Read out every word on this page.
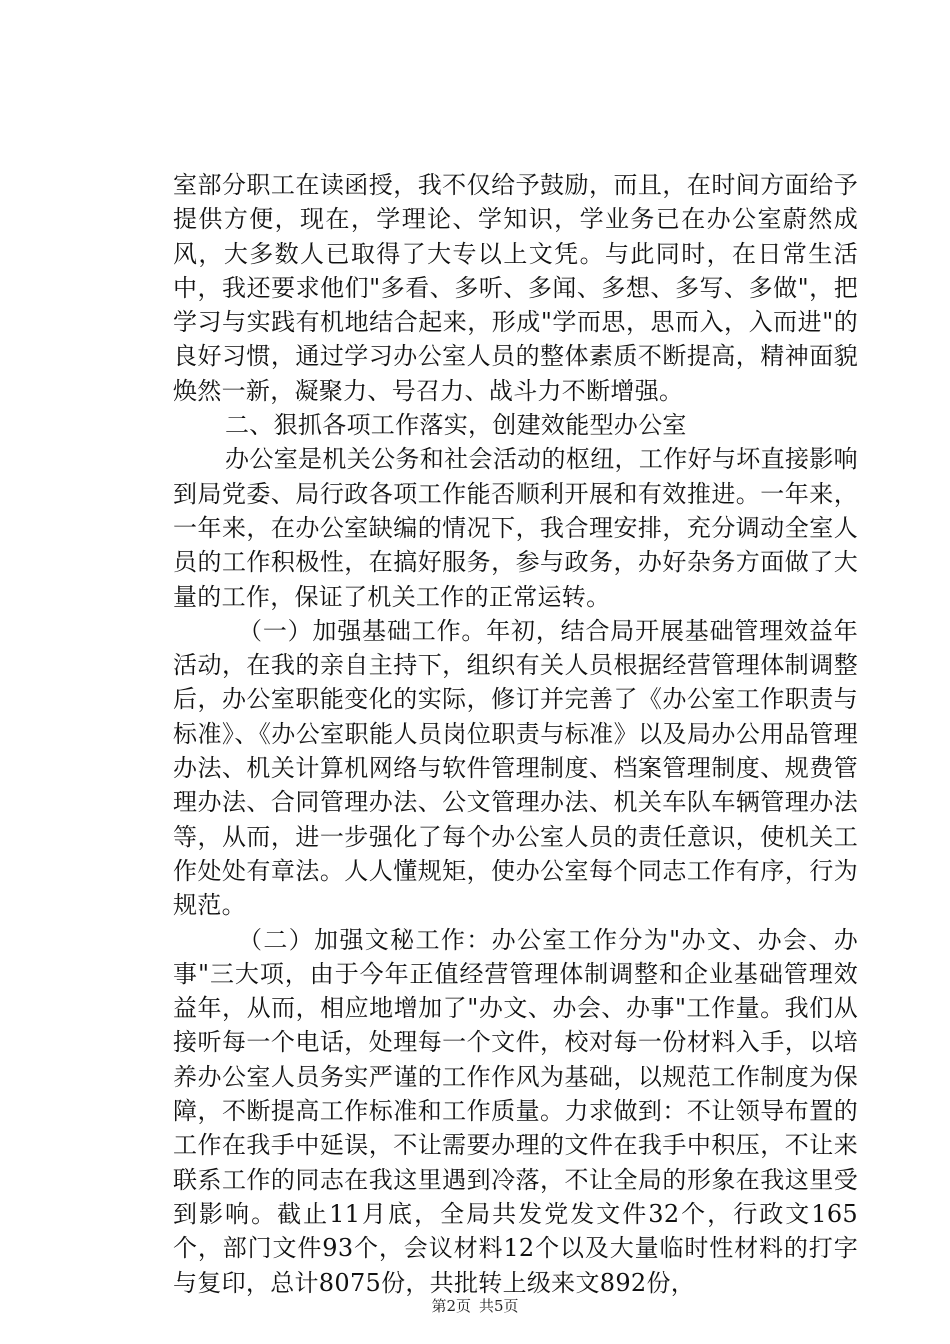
室部分职工在读函授，我不仅给予鼓励，而且，在时间方面给予提供方便，现在，学理论、学知识，学业务已在办公室蔚然成风，大多数人已取得了大专以上文凭。与此同时，在日常生活中，我还要求他们"多看、多听、多闻、多想、多写、多做"，把学习与实践有机地结合起来，形成"学而思，思而入，入而进"的良好习惯，通过学习办公室人员的整体素质不断提高，精神面貌焕然一新，凝聚力、号召力、战斗力不断增强。

二、狠抓各项工作落实，创建效能型办公室

办公室是机关公务和社会活动的枢纽，工作好与坏直接影响到局党委、局行政各项工作能否顺利开展和有效推进。一年来，一年来，在办公室缺编的情况下，我合理安排，充分调动全室人员的工作积极性，在搞好服务，参与政务，办好杂务方面做了大量的工作，保证了机关工作的正常运转。

（一）加强基础工作。年初，结合局开展基础管理效益年活动，在我的亲自主持下，组织有关人员根据经营管理体制调整后，办公室职能变化的实际，修订并完善了《办公室工作职责与标准》、《办公室职能人员岗位职责与标准》以及局办公用品管理办法、机关计算机网络与软件管理制度、档案管理制度、规费管理办法、合同管理办法、公文管理办法、机关车队车辆管理办法等，从而，进一步强化了每个办公室人员的责任意识，使机关工作处处有章法。人人懂规矩，使办公室每个同志工作有序，行为规范。

（二）加强文秘工作：办公室工作分为"办文、办会、办事"三大项，由于今年正值经营管理体制调整和企业基础管理效益年，从而，相应地增加了"办文、办会、办事"工作量。我们从接听每一个电话，处理每一个文件，校对每一份材料入手，以培养办公室人员务实严谨的工作作风为基础，以规范工作制度为保障，不断提高工作标准和工作质量。力求做到：不让领导布置的工作在我手中延误，不让需要办理的文件在我手中积压，不让来联系工作的同志在我这里遇到冷落，不让全局的形象在我这里受到影响。截止11月底，全局共发党发文件32个，行政文165个，部门文件93个，会议材料12个以及大量临时性材料的打字与复印，总计8075份，共批转上级来文892份，

第2页 共5页
